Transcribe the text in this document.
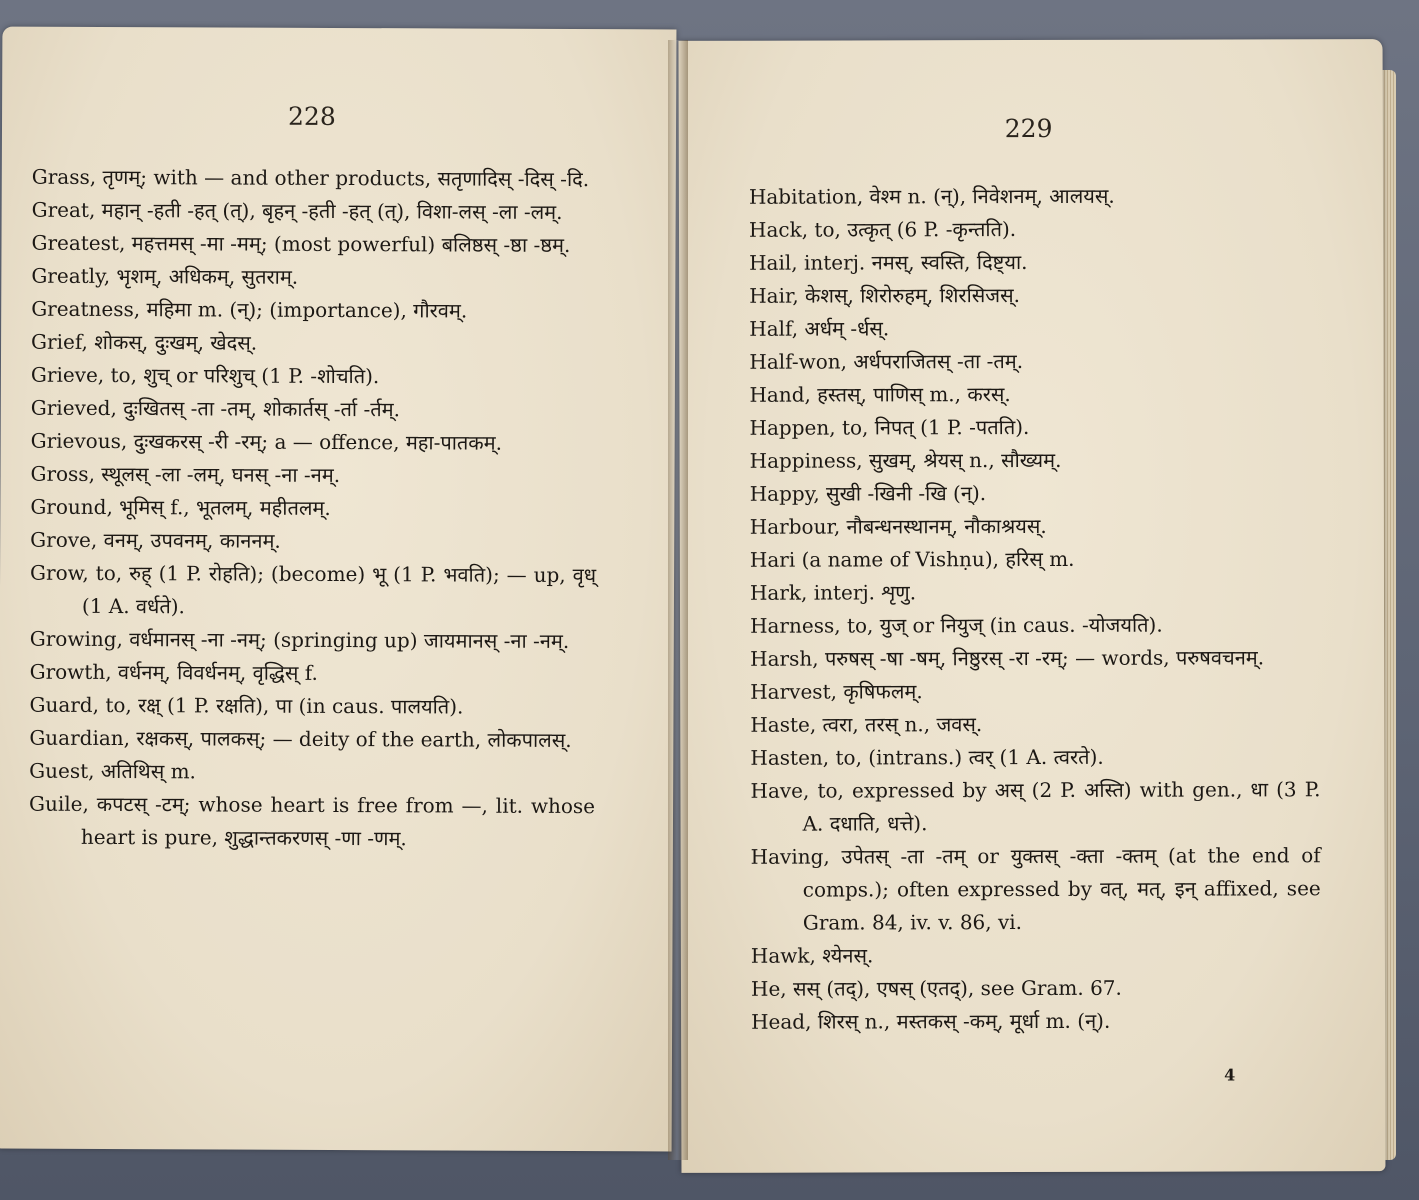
228
Grass, तृणम्; with — and other products, सतृणादिस् -दिस् -दि.
Great, महान् -हती -हत् (त्), बृहन् -हती -हत् (त्), विशा-लस् -ला -लम्.
Greatest, महत्तमस् -मा -मम्; (most powerful) बलिष्ठस् -ष्ठा -ष्ठम्.
Greatly, भृशम्, अधिकम्, सुतराम्.
Greatness, महिमा m. (न्); (importance), गौरवम्.
Grief, शोकस्, दुःखम्, खेदस्.
Grieve, to, शुच् or परिशुच् (1 P. -शोचति).
Grieved, दुःखितस् -ता -तम्, शोकार्तस् -र्ता -र्तम्.
Grievous, दुःखकरस् -री -रम्; a — offence, महा-पातकम्.
Gross, स्थूलस् -ला -लम्, घनस् -ना -नम्.
Ground, भूमिस् f., भूतलम्, महीतलम्.
Grove, वनम्, उपवनम्, काननम्.
Grow, to, रुह् (1 P. रोहति); (become) भू (1 P. भवति); — up, वृध् (1 A. वर्धते).
Growing, वर्धमानस् -ना -नम्; (springing up) जायमानस् -ना -नम्.
Growth, वर्धनम्, विवर्धनम्, वृद्धिस् f.
Guard, to, रक्ष् (1 P. रक्षति), पा (in caus. पालयति).
Guardian, रक्षकस्, पालकस्; — deity of the earth, लोकपालस्.
Guest, अतिथिस् m.
Guile, कपटस् -टम्; whose heart is free from —, lit. whose heart is pure, शुद्धान्तकरणस् -णा -णम्.
229
Habitation, वेश्म n. (न्), निवेशनम्, आलयस्.
Hack, to, उत्कृत् (6 P. -कृन्तति).
Hail, interj. नमस्, स्वस्ति, दिष्ट्या.
Hair, केशस्, शिरोरुहम्, शिरसिजस्.
Half, अर्धम् -र्धस्.
Half-won, अर्धपराजितस् -ता -तम्.
Hand, हस्तस्, पाणिस् m., करस्.
Happen, to, निपत् (1 P. -पतति).
Happiness, सुखम्, श्रेयस् n., सौख्यम्.
Happy, सुखी -खिनी -खि (न्).
Harbour, नौबन्धनस्थानम्, नौकाश्रयस्.
Hari (a name of Vishṇu), हरिस् m.
Hark, interj. शृणु.
Harness, to, युज् or नियुज् (in caus. -योजयति).
Harsh, परुषस् -षा -षम्, निष्ठुरस् -रा -रम्; — words, परुषवचनम्.
Harvest, कृषिफलम्.
Haste, त्वरा, तरस् n., जवस्.
Hasten, to, (intrans.) त्वर् (1 A. त्वरते).
Have, to, expressed by अस् (2 P. अस्ति) with gen., धा (3 P. A. दधाति, धत्ते).
Having, उपेतस् -ता -तम् or युक्तस् -क्ता -क्तम् (at the end of comps.); often expressed by वत्, मत्, इन् affixed, see Gram. 84, iv. v. 86, vi.
Hawk, श्येनस्.
He, सस् (तद्), एषस् (एतद्), see Gram. 67.
Head, शिरस् n., मस्तकस् -कम्, मूर्धा m. (न्).
4
